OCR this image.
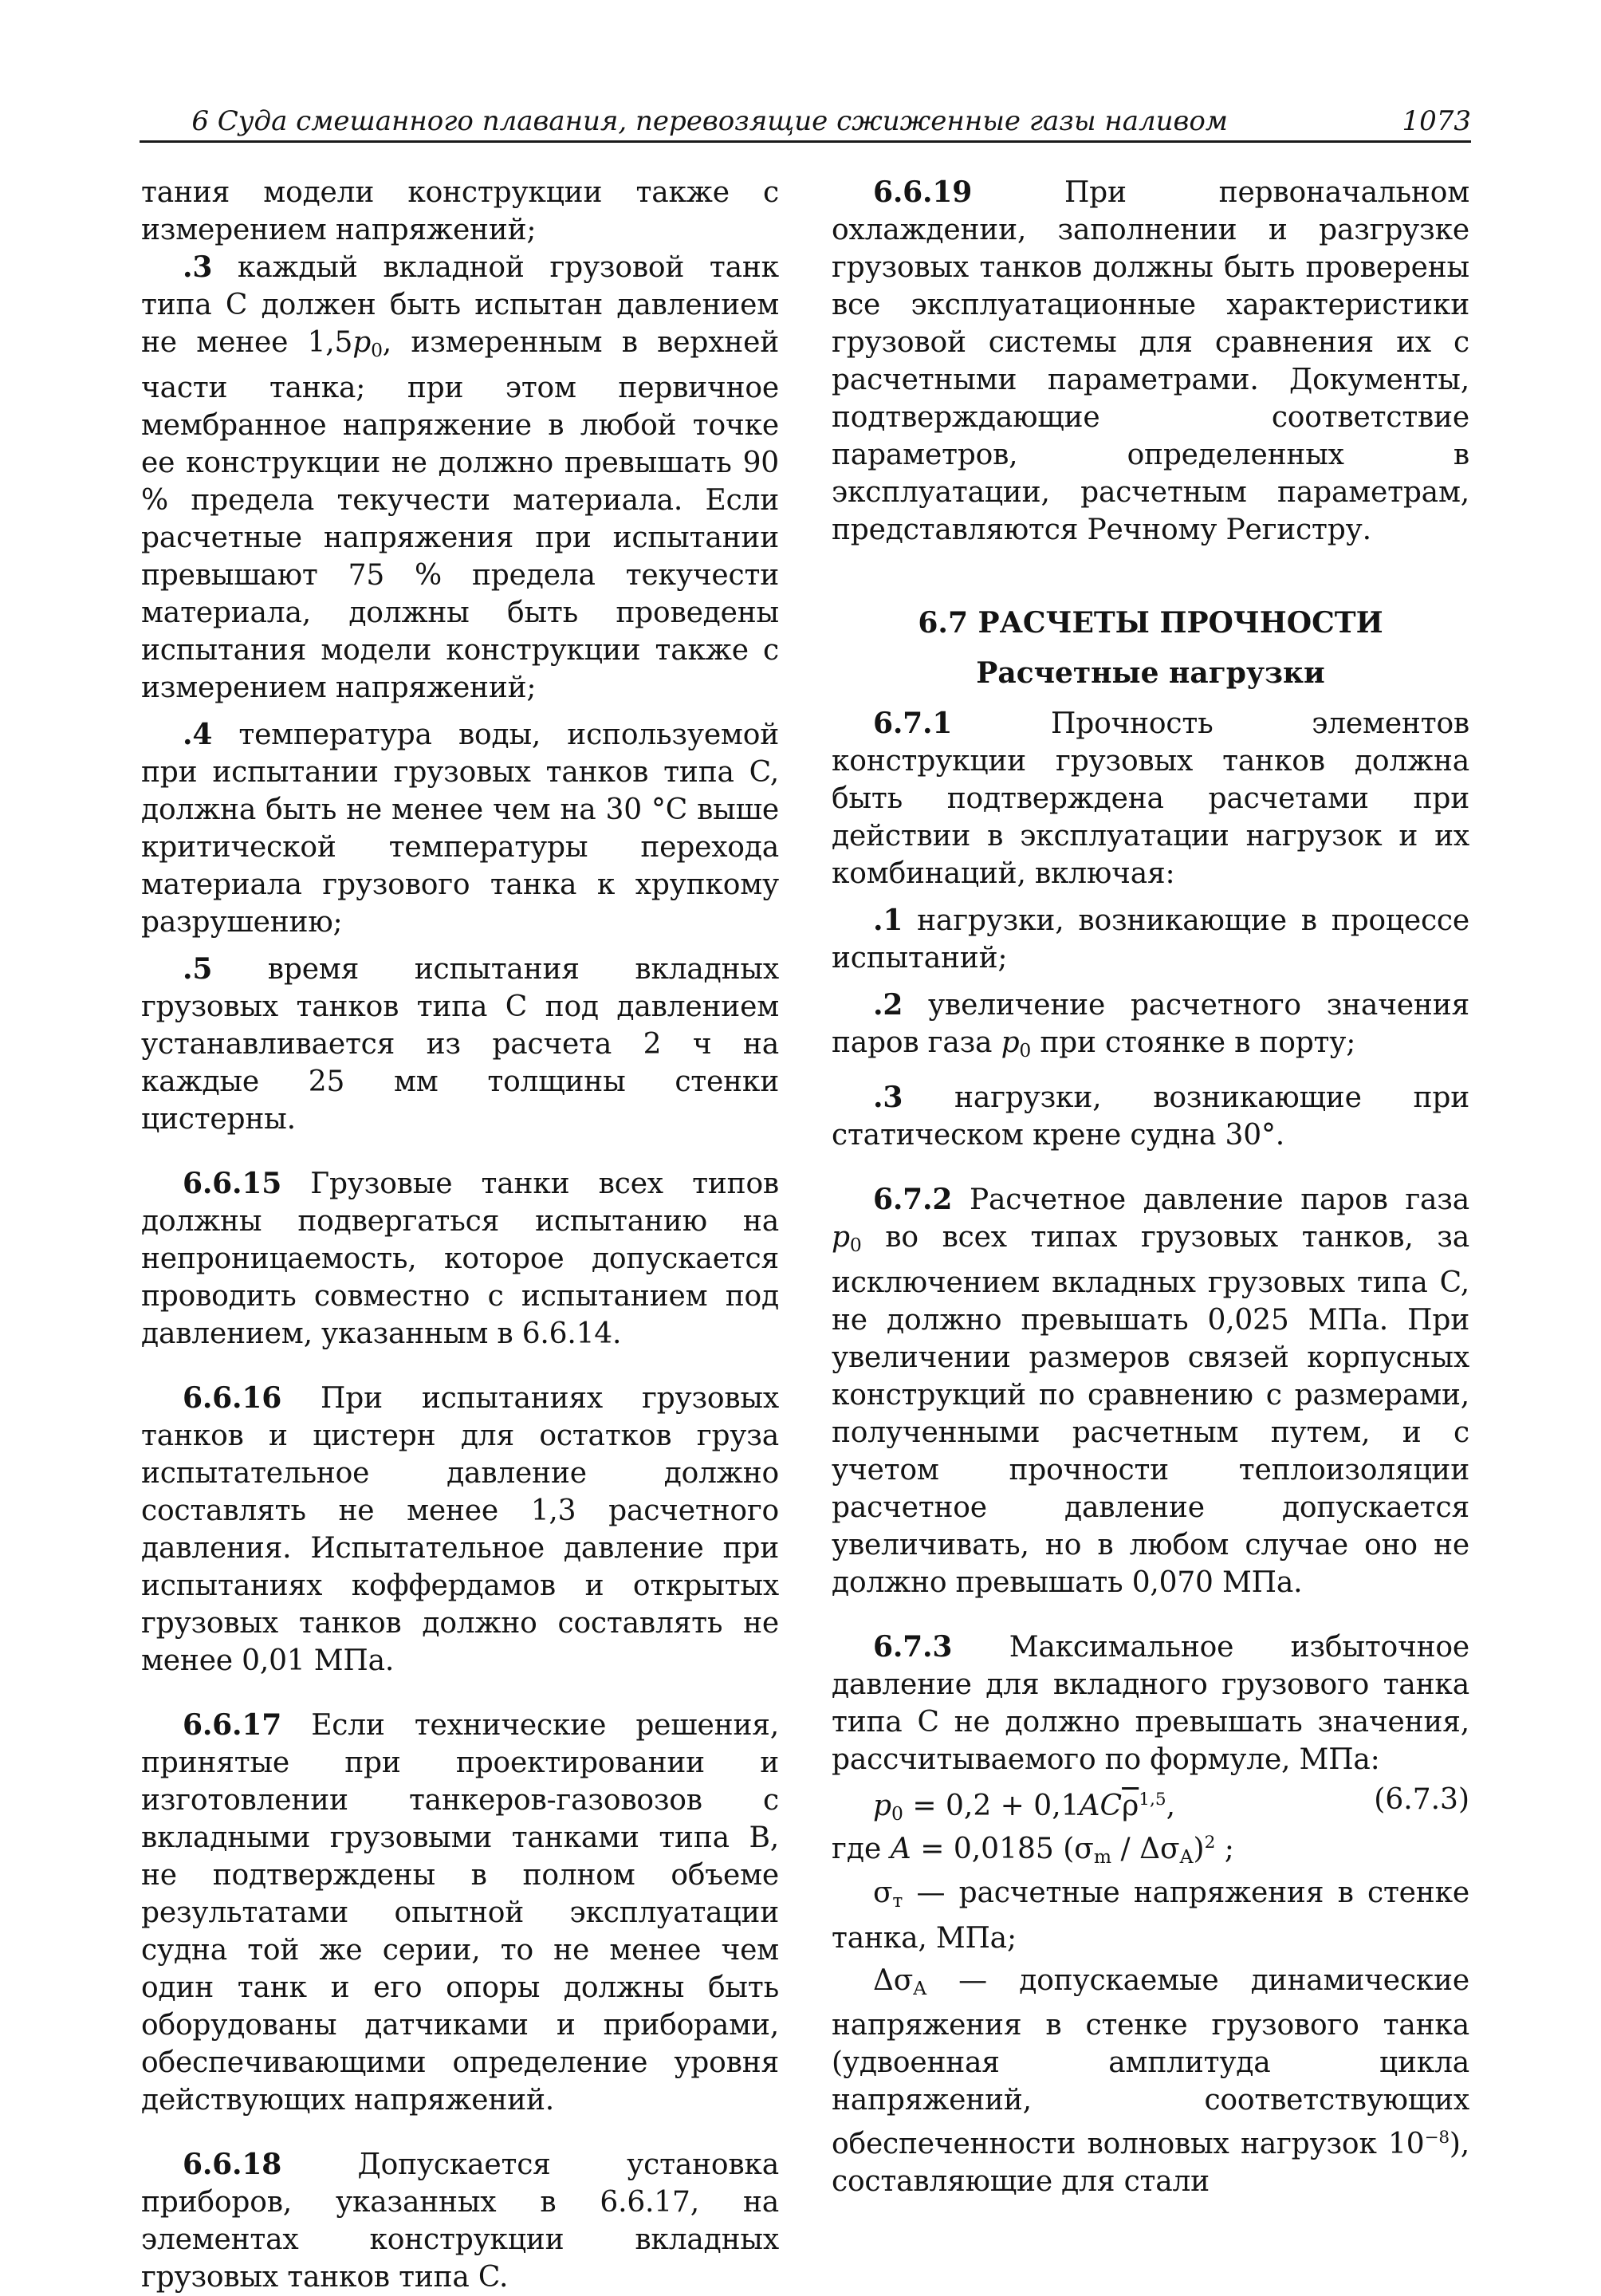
6 Суда смешанного плавания, перевозящие сжиженные газы наливом	1073

тания модели конструкции также с измерением напряжений;

.3 каждый вкладной грузовой танк типа C должен быть испытан давлением не менее $1,5p_0$, измеренным в верхней части танка; при этом первичное мембранное напряжение в любой точке ее конструкции не должно превышать 90 % предела текучести материала. Если расчетные напряжения при испытании превышают 75 % предела текучести материала, должны быть проведены испытания модели конструкции также с измерением напряжений;

.4 температура воды, используемой при испытании грузовых танков типа C, должна быть не менее чем на 30 °C выше критической температуры перехода материала грузового танка к хрупкому разрушению;

.5 время испытания вкладных грузовых танков типа C под давлением устанавливается из расчета 2 ч на каждые 25 мм толщины стенки цистерны.

6.6.15 Грузовые танки всех типов должны подвергаться испытанию на непроницаемость, которое допускается проводить совместно с испытанием под давлением, указанным в 6.6.14.

6.6.16 При испытаниях грузовых танков и цистерн для остатков груза испытательное давление должно составлять не менее 1,3 расчетного давления. Испытательное давление при испытаниях коффердамов и открытых грузовых танков должно составлять не менее 0,01 МПа.

6.6.17 Если технические решения, принятые при проектировании и изготовлении танкеров-газовозов с вкладными грузовыми танками типа B, не подтверждены в полном объеме результатами опытной эксплуатации судна той же серии, то не менее чем один танк и его опоры должны быть оборудованы датчиками и приборами, обеспечивающими определение уровня действующих напряжений.

6.6.18 Допускается установка приборов, указанных в 6.6.17, на элементах конструкции вкладных грузовых танков типа C.

6.6.19 При первоначальном охлаждении, заполнении и разгрузке грузовых танков должны быть проверены все эксплуатационные характеристики грузовой системы для сравнения их с расчетными параметрами. Документы, подтверждающие соответствие параметров, определенных в эксплуатации, расчетным параметрам, представляются Речному Регистру.

6.7 РАСЧЕТЫ ПРОЧНОСТИ

Расчетные нагрузки

6.7.1 Прочность элементов конструкции грузовых танков должна быть подтверждена расчетами при действии в эксплуатации нагрузок и их комбинаций, включая:

.1 нагрузки, возникающие в процессе испытаний;

.2 увеличение расчетного значения паров газа $p_0$ при стоянке в порту;

.3 нагрузки, возникающие при статическом крене судна 30°.

6.7.2 Расчетное давление паров газа $p_0$ во всех типах грузовых танков, за исключением вкладных грузовых типа C, не должно превышать 0,025 МПа. При увеличении размеров связей корпусных конструкций по сравнению с размерами, полученными расчетным путем, и с учетом прочности теплоизоляции расчетное давление допускается увеличивать, но в любом случае оно не должно превышать 0,070 МПа.

6.7.3 Максимальное избыточное давление для вкладного грузового танка типа C не должно превышать значения, рассчитываемого по формуле, МПа:

$p_0 = 0,2 + 0,1AC\overline{\rho}^{1,5}$,	(6.7.3)
где A = 0,0185 $(\sigma_m / \Delta\sigma_A)^2$ ;

$\sigma_т$ — расчетные напряжения в стенке танка, МПа;

$\Delta\sigma_A$ — допускаемые динамические напряжения в стенке грузового танка (удвоенная амплитуда цикла напряжений, соответствующих обеспеченности волновых нагрузок $10^{-8}$), составляющие для стали
